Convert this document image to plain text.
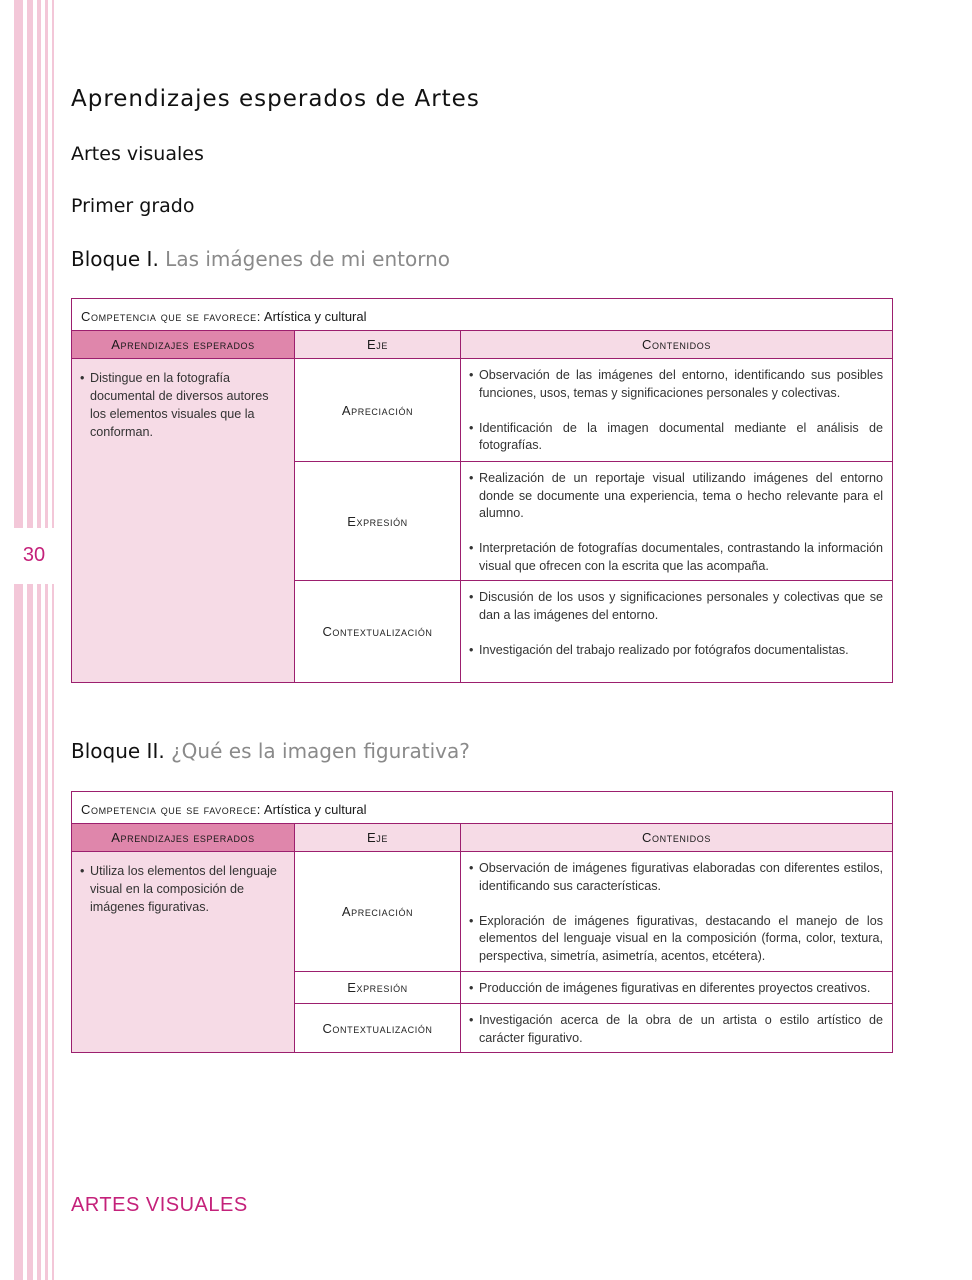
30
Aprendizajes esperados de Artes
Artes visuales
Primer grado
Bloque I. Las imágenes de mi entorno
Competencia que se favorece: Artística y cultural		
Aprendizajes esperados	Eje	Contenidos

• Distingue en la fotografía documental de diversos autores los elementos visuales que la conforman.	Apreciación	• Observación de las imágenes del entorno, identificando sus posibles funciones, usos, temas y significaciones personales y colectivas.

• Identificación de la imagen documental mediante el análisis de fotografías.

	Expresión	• Realización de un reportaje visual utilizando imágenes del entorno donde se documente una experiencia, tema o hecho relevante para el alumno.

• Interpretación de fotografías documentales, contrastando la información visual que ofrecen con la escrita que las acompaña.

	Contextualización	• Discusión de los usos y significaciones personales y colectivas que se dan a las imágenes del entorno.

• Investigación del trabajo realizado por fotógrafos documentalistas.

Bloque II. ¿Qué es la imagen figurativa?
Competencia que se favorece: Artística y cultural		
Aprendizajes esperados	Eje	Contenidos

• Utiliza los elementos del lenguaje visual en la composición de imágenes figurativas.	Apreciación	• Observación de imágenes figurativas elaboradas con diferentes estilos, identificando sus características.

• Exploración de imágenes figurativas, destacando el manejo de los elementos del lenguaje visual en la composición (forma, color, textura, perspectiva, simetría, asimetría, acentos, etcétera).

	Expresión	• Producción de imágenes figurativas en diferentes proyectos creativos.

	Contextualización	• Investigación acerca de la obra de un artista o estilo artístico de carácter figurativo.

ARTES VISUALES
